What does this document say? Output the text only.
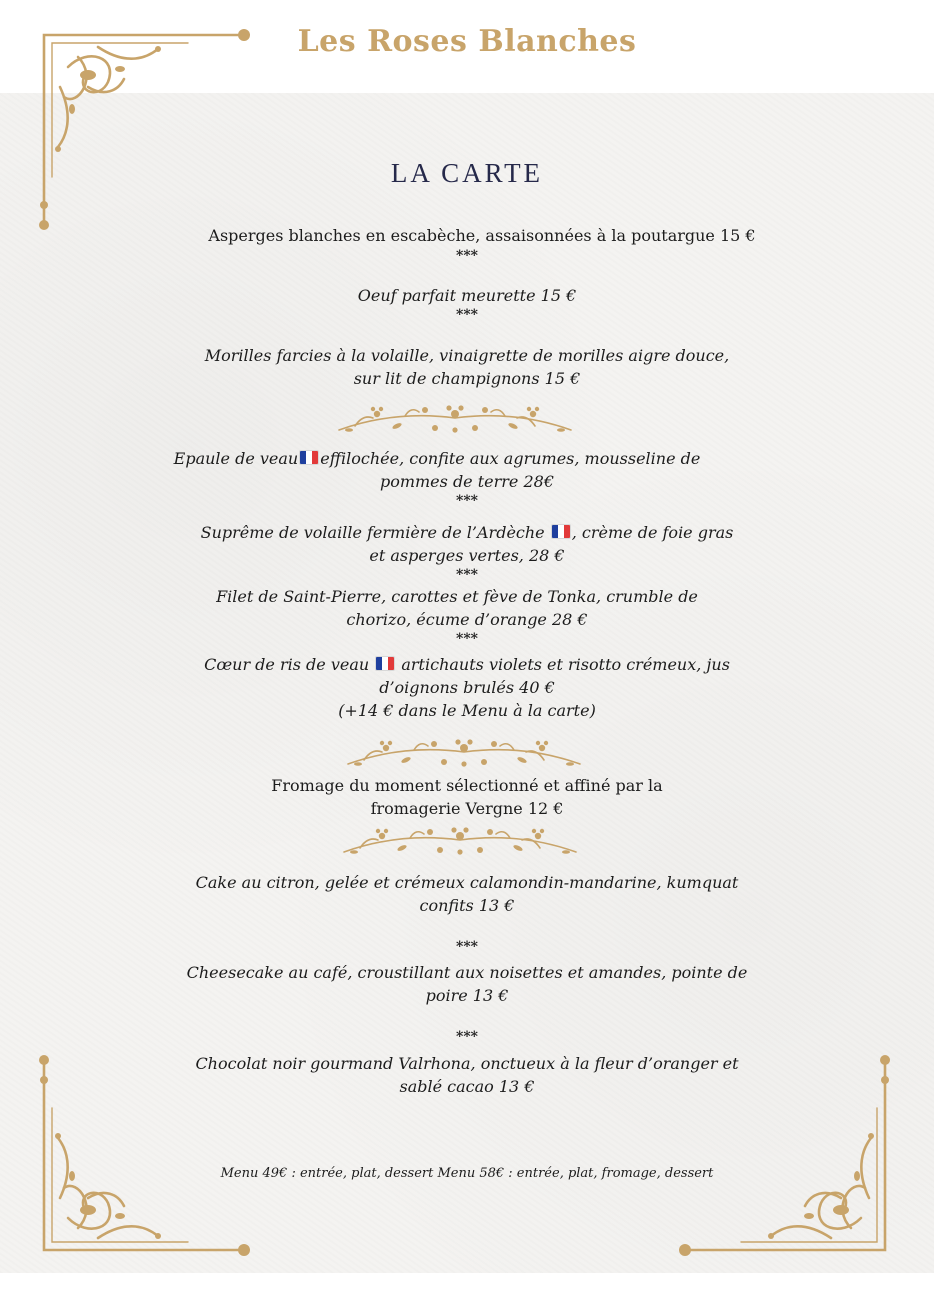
Les Roses Blanches
LA CARTE
Asperges blanches en escabèche, assaisonnées à la poutargue 15 €
***
Oeuf parfait meurette 15 €
***
Morilles farcies à la volaille, vinaigrette de morilles aigre douce,
sur lit de champignons 15 €
Epaule de veau effilochée, confite aux agrumes, mousseline de
pommes de terre 28€
***
Suprême de volaille fermière de l’Ardèche , crème de foie gras
et asperges vertes, 28 €
***
Filet de Saint-Pierre, carottes et fève de Tonka, crumble de
chorizo, écume d’orange 28 €
***
Cœur de ris de veau  artichauts violets et risotto crémeux, jus
d’oignons brulés 40 €
(+14 € dans le Menu à la carte)
Fromage du moment sélectionné et affiné par la
fromagerie Vergne 12 €
Cake au citron, gelée et crémeux calamondin-mandarine, kumquat
confits 13 €
***
Cheesecake au café, croustillant aux noisettes et amandes, pointe de
poire 13 €
***
Chocolat noir gourmand Valrhona, onctueux à la fleur d’oranger et
sablé cacao 13 €
Menu 49€ : entrée, plat, dessert Menu 58€ : entrée, plat, fromage, dessert
